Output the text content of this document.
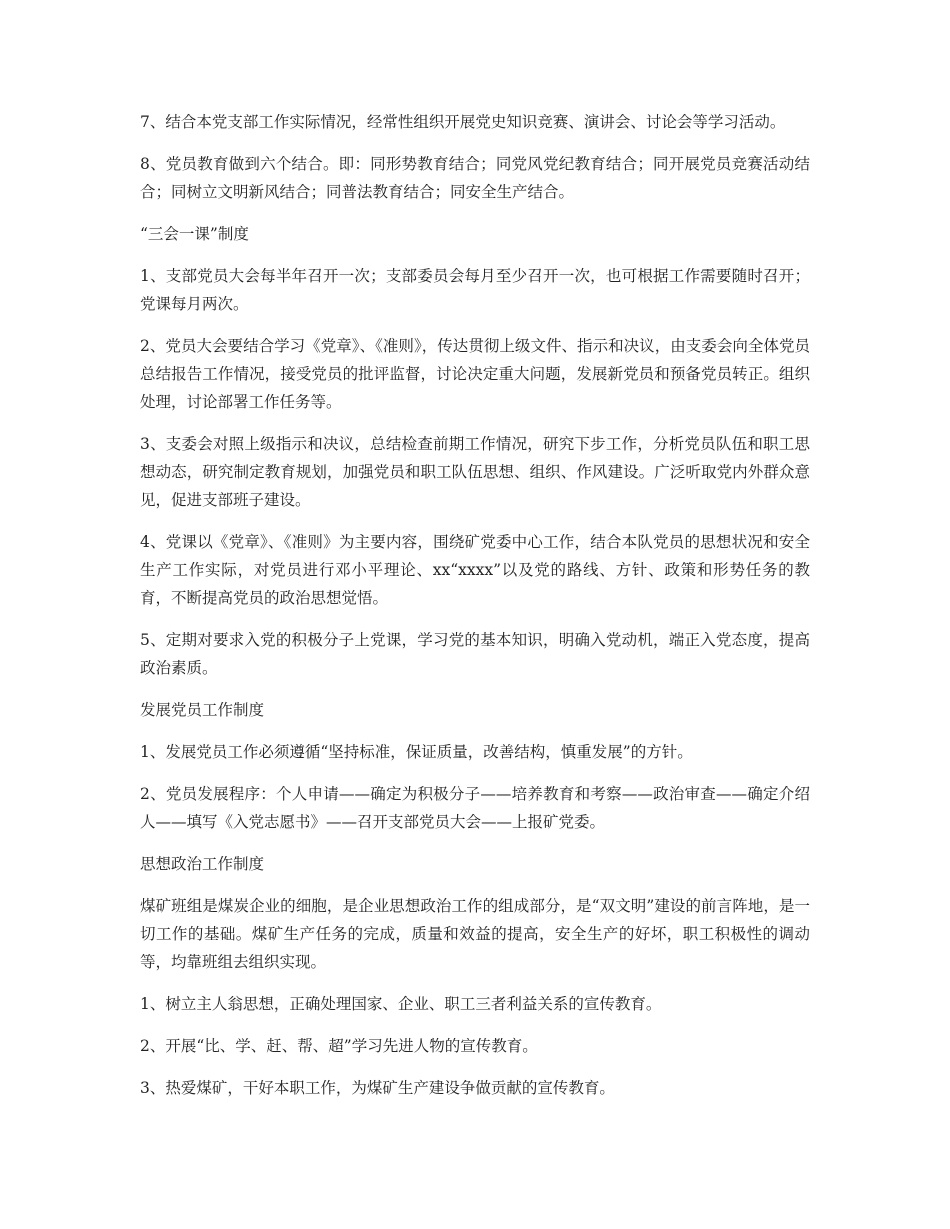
7、结合本党支部工作实际情况，经常性组织开展党史知识竞赛、演讲会、讨论会等学习活动。

8、党员教育做到六个结合。即：同形势教育结合；同党风党纪教育结合；同开展党员竞赛活动结合；同树立文明新风结合；同普法教育结合；同安全生产结合。

“三会一课”制度

1、支部党员大会每半年召开一次；支部委员会每月至少召开一次，也可根据工作需要随时召开；党课每月两次。

2、党员大会要结合学习《党章》、《准则》，传达贯彻上级文件、指示和决议，由支委会向全体党员总结报告工作情况，接受党员的批评监督，讨论决定重大问题，发展新党员和预备党员转正。组织处理，讨论部署工作任务等。

3、支委会对照上级指示和决议，总结检查前期工作情况，研究下步工作，分析党员队伍和职工思想动态，研究制定教育规划，加强党员和职工队伍思想、组织、作风建设。广泛听取党内外群众意见，促进支部班子建设。

4、党课以《党章》、《准则》为主要内容，围绕矿党委中心工作，结合本队党员的思想状况和安全生产工作实际，对党员进行邓小平理论、xx“xxxx”以及党的路线、方针、政策和形势任务的教育，不断提高党员的政治思想觉悟。

5、定期对要求入党的积极分子上党课，学习党的基本知识，明确入党动机，端正入党态度，提高政治素质。

发展党员工作制度

1、发展党员工作必须遵循“坚持标准，保证质量，改善结构，慎重发展”的方针。

2、党员发展程序：个人申请——确定为积极分子——培养教育和考察——政治审查——确定介绍人——填写《入党志愿书》——召开支部党员大会——上报矿党委。

思想政治工作制度

煤矿班组是煤炭企业的细胞，是企业思想政治工作的组成部分，是“双文明”建设的前言阵地，是一切工作的基础。煤矿生产任务的完成，质量和效益的提高，安全生产的好坏，职工积极性的调动等，均靠班组去组织实现。

1、树立主人翁思想，正确处理国家、企业、职工三者利益关系的宣传教育。

2、开展“比、学、赶、帮、超”学习先进人物的宣传教育。

3、热爱煤矿，干好本职工作，为煤矿生产建设争做贡献的宣传教育。
